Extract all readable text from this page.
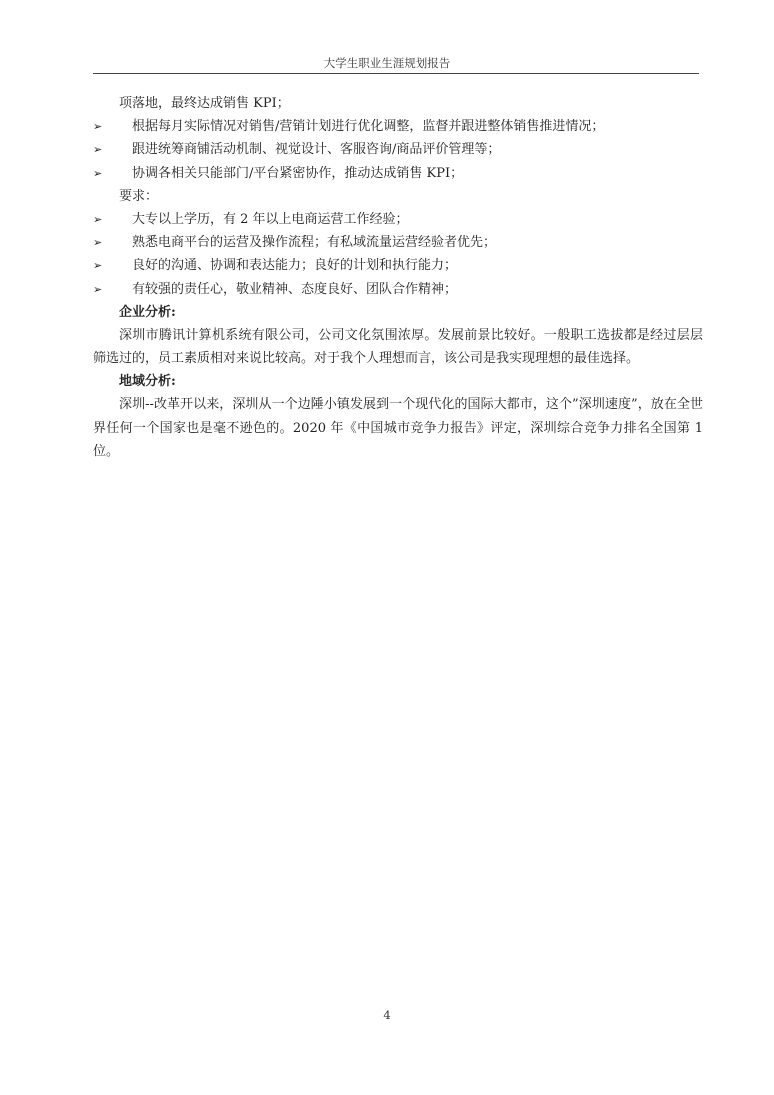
大学生职业生涯规划报告
项落地，最终达成销售 KPI；
➢ 根据每月实际情况对销售/营销计划进行优化调整，监督并跟进整体销售推进情况；
➢ 跟进统筹商铺活动机制、视觉设计、客服咨询/商品评价管理等；
➢ 协调各相关只能部门/平台紧密协作，推动达成销售 KPI；
要求：
➢ 大专以上学历，有 2 年以上电商运营工作经验；
➢ 熟悉电商平台的运营及操作流程；有私域流量运营经验者优先；
➢ 良好的沟通、协调和表达能力；良好的计划和执行能力；
➢ 有较强的责任心，敬业精神、态度良好、团队合作精神；
企业分析:

深圳市腾讯计算机系统有限公司，公司文化氛围浓厚。发展前景比较好。一般职工选拔都是经过层层筛选过的，员工素质相对来说比较高。对于我个人理想而言，该公司是我实现理想的最佳选择。

地域分析:

深圳--改革开以来，深圳从一个边陲小镇发展到一个现代化的国际大都市，这个”深圳速度”，放在全世界任何一个国家也是毫不逊色的。2020 年《中国城市竞争力报告》评定，深圳综合竞争力排名全国第 1 位。

4
